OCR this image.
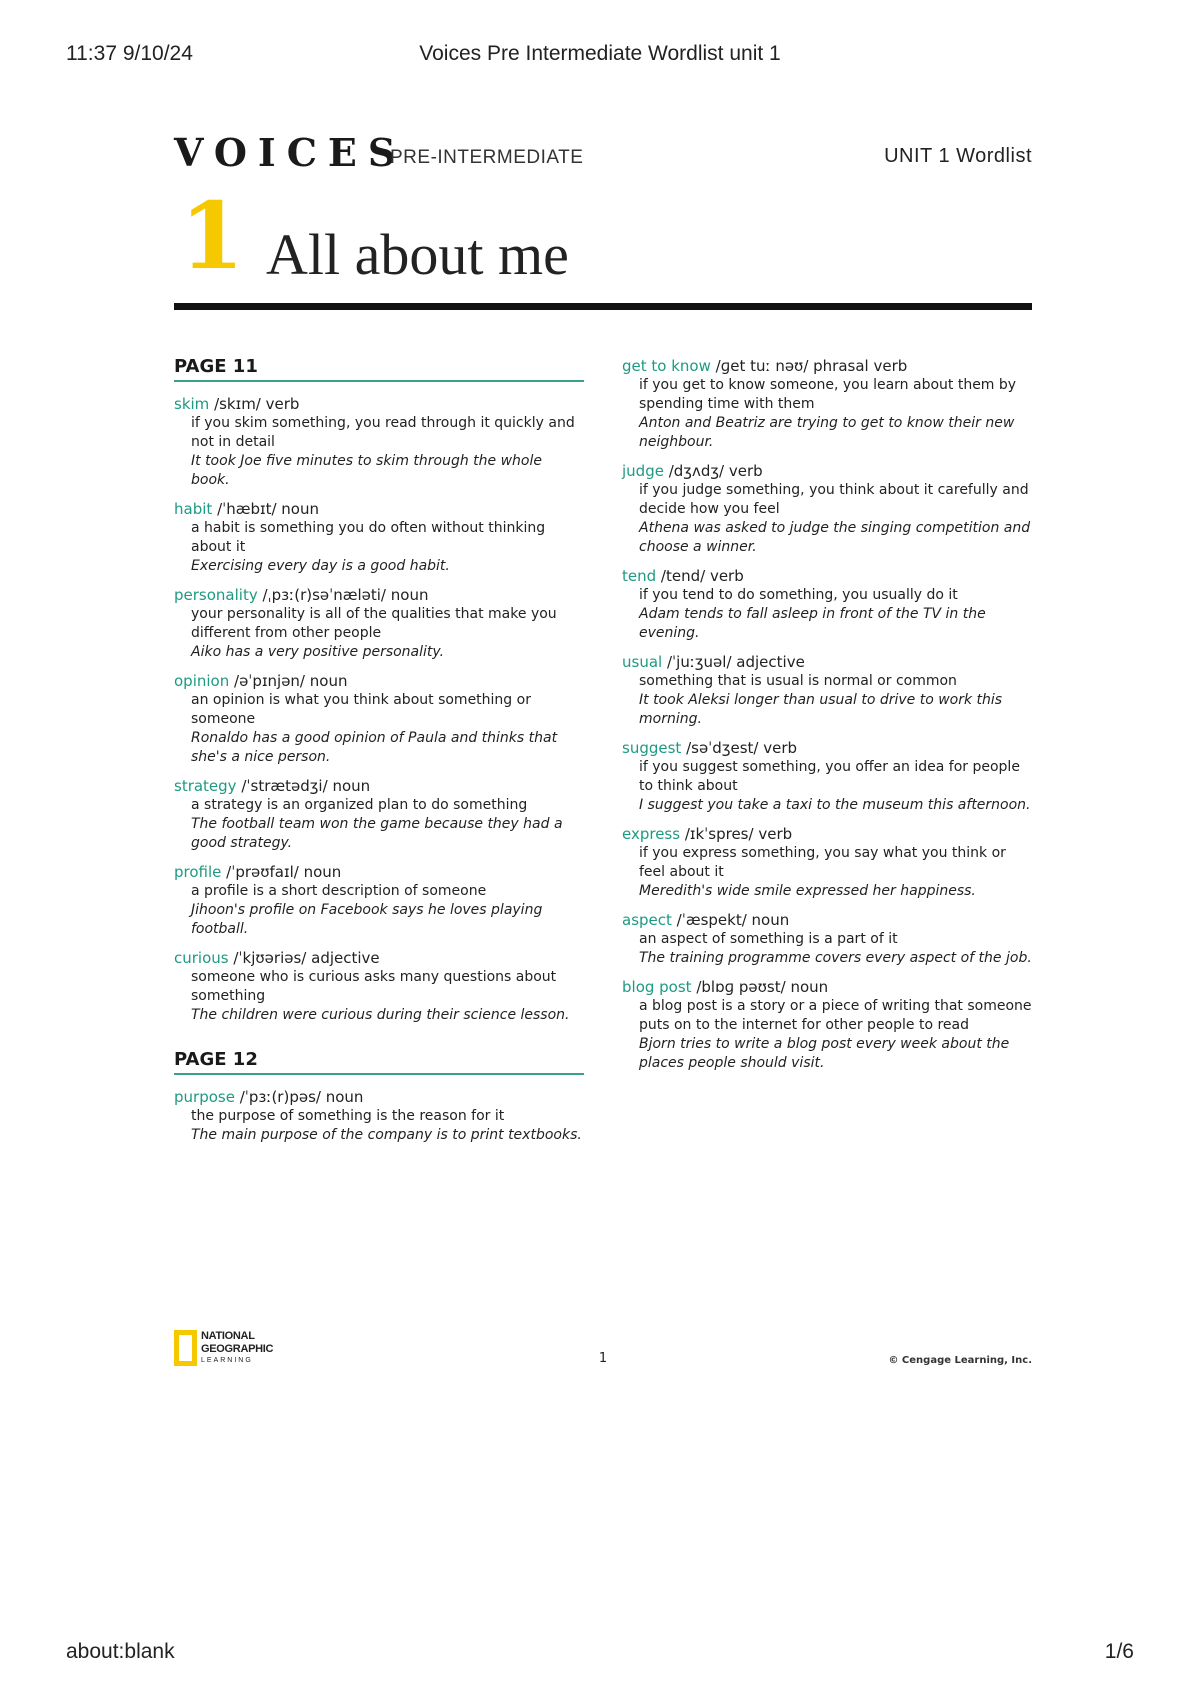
11:37 9/10/24	Voices Pre Intermediate Wordlist unit 1
VOICES
PRE-INTERMEDIATE	UNIT 1 Wordlist
1 All about me
PAGE 11
skim /skɪm/ verb
if you skim something, you read through it quickly and not in detail
It took Joe five minutes to skim through the whole book.
habit /ˈhæbɪt/ noun
a habit is something you do often without thinking about it
Exercising every day is a good habit.
personality /ˌpɜː(r)səˈnæləti/ noun
your personality is all of the qualities that make you different from other people
Aiko has a very positive personality.
opinion /əˈpɪnjən/ noun
an opinion is what you think about something or someone
Ronaldo has a good opinion of Paula and thinks that she's a nice person.
strategy /ˈstrætədʒi/ noun
a strategy is an organized plan to do something
The football team won the game because they had a good strategy.
profile /ˈprəʊfaɪl/ noun
a profile is a short description of someone
Jihoon's profile on Facebook says he loves playing football.
curious /ˈkjʊəriəs/ adjective
someone who is curious asks many questions about something
The children were curious during their science lesson.
PAGE 12
purpose /ˈpɜː(r)pəs/ noun
the purpose of something is the reason for it
The main purpose of the company is to print textbooks.
get to know /ɡet tuː nəʊ/ phrasal verb
if you get to know someone, you learn about them by spending time with them
Anton and Beatriz are trying to get to know their new neighbour.
judge /dʒʌdʒ/ verb
if you judge something, you think about it carefully and decide how you feel
Athena was asked to judge the singing competition and choose a winner.
tend /tend/ verb
if you tend to do something, you usually do it
Adam tends to fall asleep in front of the TV in the evening.
usual /ˈjuːʒuəl/ adjective
something that is usual is normal or common
It took Aleksi longer than usual to drive to work this morning.
suggest /səˈdʒest/ verb
if you suggest something, you offer an idea for people to think about
I suggest you take a taxi to the museum this afternoon.
express /ɪkˈspres/ verb
if you express something, you say what you think or feel about it
Meredith's wide smile expressed her happiness.
aspect /ˈæspekt/ noun
an aspect of something is a part of it
The training programme covers every aspect of the job.
blog post /blɒɡ pəʊst/ noun
a blog post is a story or a piece of writing that someone puts on to the internet for other people to read
Bjorn tries to write a blog post every week about the places people should visit.
NATIONAL
GEOGRAPHIC
LEARNING	1	© Cengage Learning, Inc.
about:blank	1/6
